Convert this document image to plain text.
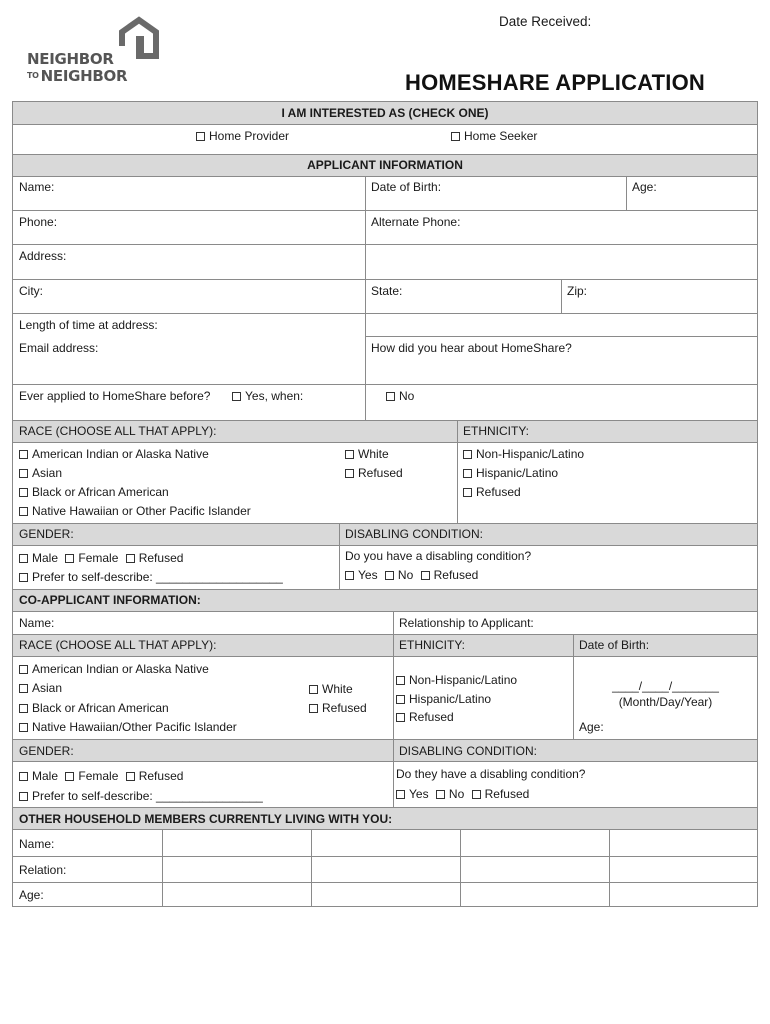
Date Received:
NEIGHBOR
$^{TO}$ NEIGHBOR	HOMESHARE APPLICATION
I AM INTERESTED AS (CHECK ONE)
Home Provider	Home Seeker
APPLICANT INFORMATION
Name:	Date of Birth:	Age:
Phone:	Alternate Phone:
Address:
City:	State:	Zip:
Length of time at address:
Email address:	How did you hear about HomeShare?
Ever applied to HomeShare before?	Yes, when:	No
RACE (CHOOSE ALL THAT APPLY):	ETHNICITY:
American Indian or Alaska Native
Asian
Black or African American
Native Hawaiian or Other Pacific Islander
White
Refused
Non-Hispanic/Latino
Hispanic/Latino
Refused
GENDER:	DISABLING CONDITION:
Male Female Refused
Prefer to self-describe: ___________________
Do you have a disabling condition?
Yes No Refused
CO-APPLICANT INFORMATION:
Name:	Relationship to Applicant:
RACE (CHOOSE ALL THAT APPLY):	ETHNICITY:	Date of Birth:
American Indian or Alaska Native
Asian
Black or African American
Native Hawaiian/Other Pacific Islander
White
Refused
Non-Hispanic/Latino
Hispanic/Latino
Refused
____/____/_______
(Month/Day/Year)
Age:
GENDER:	DISABLING CONDITION:
Male Female Refused
Prefer to self-describe: ________________
Do they have a disabling condition?
Yes No Refused
OTHER HOUSEHOLD MEMBERS CURRENTLY LIVING WITH YOU:
Name:
Relation:
Age:
